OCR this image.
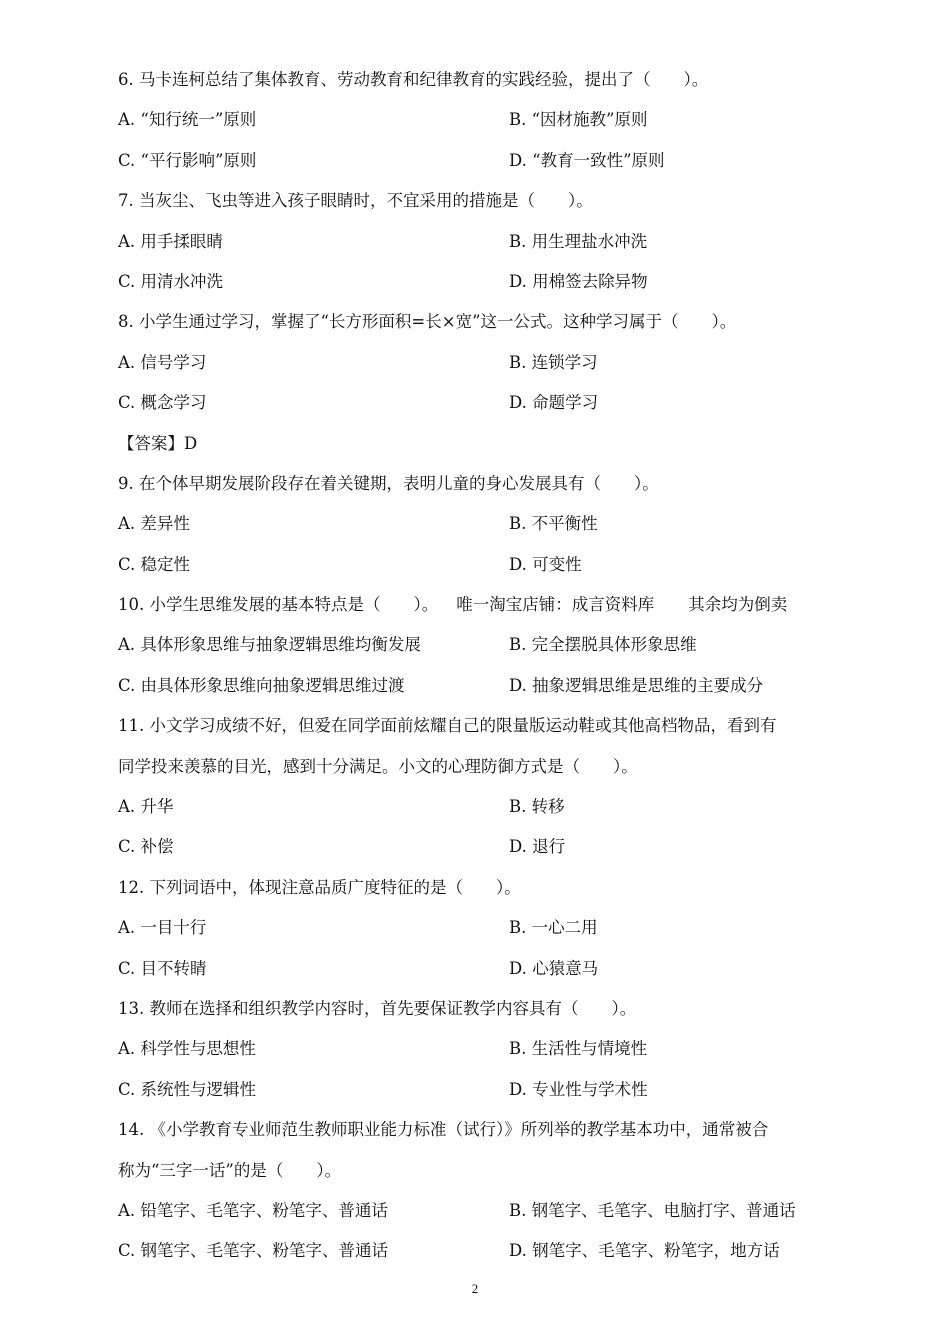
6. 马卡连柯总结了集体教育、劳动教育和纪律教育的实践经验，提出了（　　）。
A. “知行统一”原则	B. “因材施教”原则
C. “平行影响”原则	D. “教育一致性”原则
7. 当灰尘、飞虫等进入孩子眼睛时，不宜采用的措施是（　　）。
A. 用手揉眼睛	B. 用生理盐水冲洗
C. 用清水冲洗	D. 用棉签去除异物
8. 小学生通过学习，掌握了“长方形面积=长×宽”这一公式。这种学习属于（　　）。
A. 信号学习	B. 连锁学习
C. 概念学习	D. 命题学习
【答案】D
9. 在个体早期发展阶段存在着关键期，表明儿童的身心发展具有（　　）。
A. 差异性	B. 不平衡性
C. 稳定性	D. 可变性
10. 小学生思维发展的基本特点是（　　）。 唯一淘宝店铺：成言资料库 其余均为倒卖
A. 具体形象思维与抽象逻辑思维均衡发展	B. 完全摆脱具体形象思维
C. 由具体形象思维向抽象逻辑思维过渡	D. 抽象逻辑思维是思维的主要成分
11. 小文学习成绩不好，但爱在同学面前炫耀自己的限量版运动鞋或其他高档物品，看到有
同学投来羡慕的目光，感到十分满足。小文的心理防御方式是（　　）。
A. 升华	B. 转移
C. 补偿	D. 退行
12. 下列词语中，体现注意品质广度特征的是（　　）。
A. 一目十行	B. 一心二用
C. 目不转睛	D. 心猿意马
13. 教师在选择和组织教学内容时，首先要保证教学内容具有（　　）。
A. 科学性与思想性	B. 生活性与情境性
C. 系统性与逻辑性	D. 专业性与学术性
14. 《小学教育专业师范生教师职业能力标准（试行）》所列举的教学基本功中，通常被合
称为“三字一话”的是（　　）。
A. 铅笔字、毛笔字、粉笔字、普通话	B. 钢笔字、毛笔字、电脑打字、普通话
C. 钢笔字、毛笔字、粉笔字、普通话	D. 钢笔字、毛笔字、粉笔字，地方话
2
